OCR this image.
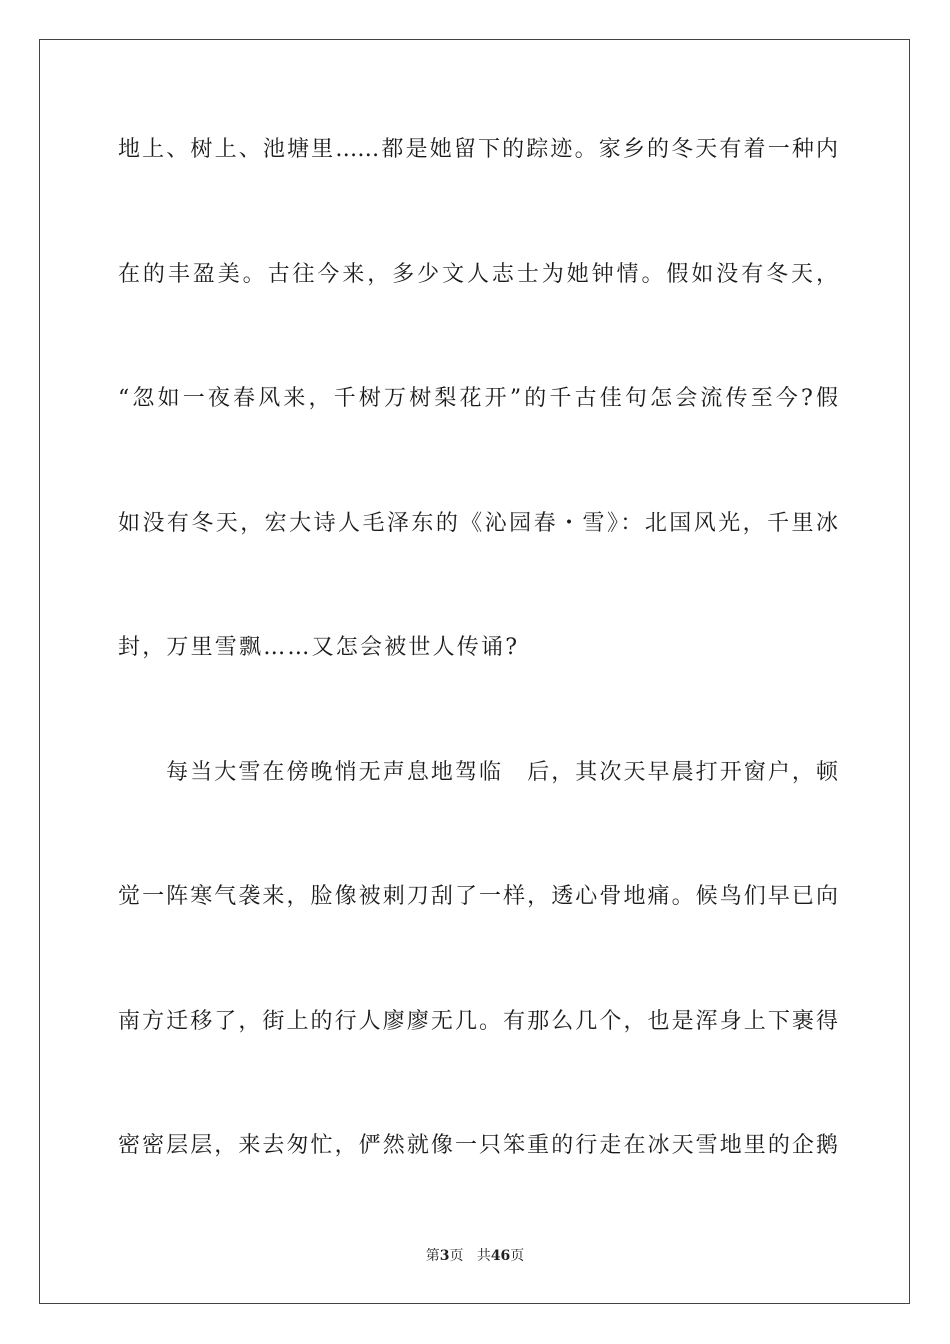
地上、树上、池塘里……都是她留下的踪迹。家乡的冬天有着一种内
在的丰盈美。古往今来，多少文人志士为她钟情。假如没有冬天，
“忽如一夜春风来，千树万树梨花开”的千古佳句怎会流传至今?假
如没有冬天，宏大诗人毛泽东的《沁园春・雪》：北国风光，千里冰
封，万里雪飘……又怎会被世人传诵?
　　每当大雪在傍晚悄无声息地驾临　后，其次天早晨打开窗户，顿
觉一阵寒气袭来，脸像被刺刀刮了一样，透心骨地痛。候鸟们早已向
南方迁移了，街上的行人廖廖无几。有那么几个，也是浑身上下裹得
密密层层，来去匆忙，俨然就像一只笨重的行走在冰天雪地里的企鹅
第3页 共46页
